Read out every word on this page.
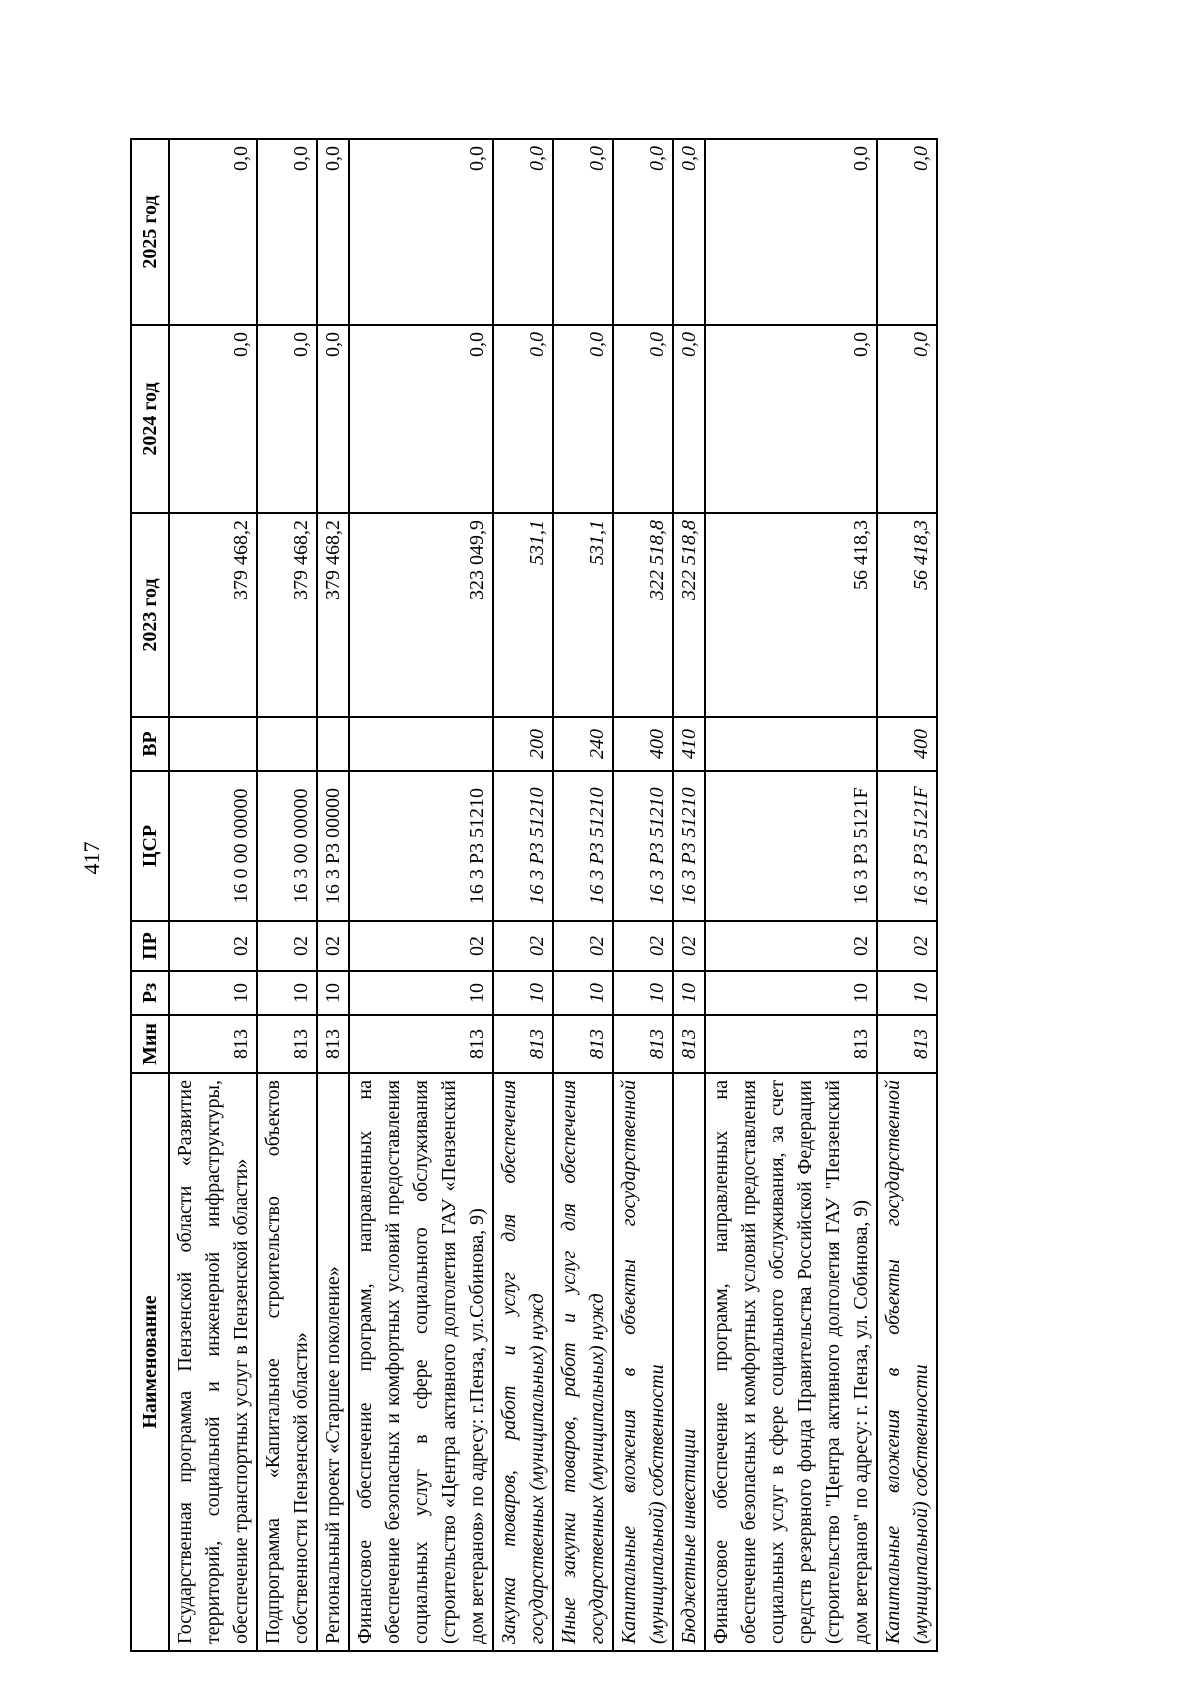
417
Наименование	Мин	Рз	ПР	ЦСР	ВР	2023 год	2024 год	2025 год
Государственная программа Пензенской области «Развитие территорий, социальной и инженерной инфраструктуры, обеспечение транспортных услуг в Пензенской области»	813	10	02	16 0 00 00000		379 468,2	0,0	0,0
Подпрограмма «Капитальное строительство объектов собственности Пензенской области»	813	10	02	16 3 00 00000		379 468,2	0,0	0,0
Региональный проект «Старшее поколение»	813	10	02	16 3 P3 00000		379 468,2	0,0	0,0
Финансовое обеспечение программ, направленных на обеспечение безопасных и комфортных условий предоставления социальных услуг в сфере социального обслуживания (строительство «Центра активного долголетия ГАУ «Пензенский дом ветеранов» по адресу: г.Пенза, ул.Собинова, 9)	813	10	02	16 3 P3 51210		323 049,9	0,0	0,0
Закупка товаров, работ и услуг для обеспечения государственных (муниципальных) нужд	813	10	02	16 3 P3 51210	200	531,1	0,0	0,0
Иные закупки товаров, работ и услуг для обеспечения государственных (муниципальных) нужд	813	10	02	16 3 P3 51210	240	531,1	0,0	0,0
Капитальные вложения в объекты государственной (муниципальной) собственности	813	10	02	16 3 P3 51210	400	322 518,8	0,0	0,0
Бюджетные инвестиции	813	10	02	16 3 P3 51210	410	322 518,8	0,0	0,0
Финансовое обеспечение программ, направленных на обеспечение безопасных и комфортных условий предоставления социальных услуг в сфере социального обслуживания, за счет средств резервного фонда Правительства Российской Федерации (строительство "Центра активного долголетия ГАУ "Пензенский дом ветеранов" по адресу: г. Пенза, ул. Собинова, 9)	813	10	02	16 3 P3 5121F		56 418,3	0,0	0,0
Капитальные вложения в объекты государственной (муниципальной) собственности	813	10	02	16 3 P3 5121F	400	56 418,3	0,0	0,0
